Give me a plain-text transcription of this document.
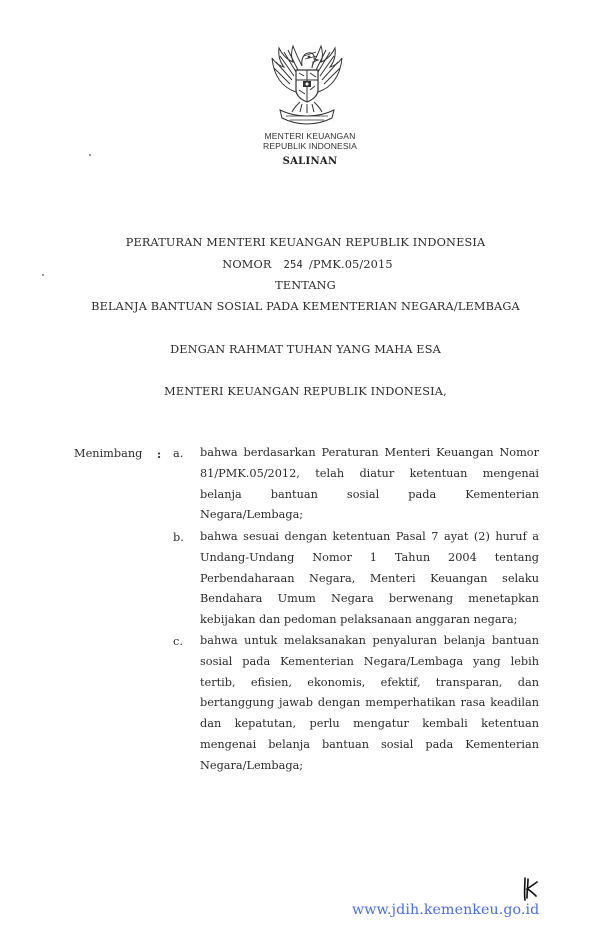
MENTERI KEUANGAN
REPUBLIK INDONESIA
SALINAN
PERATURAN MENTERI KEUANGAN REPUBLIK INDONESIA
NOMOR 254 /PMK.05/2015
TENTANG
BELANJA BANTUAN SOSIAL PADA KEMENTERIAN NEGARA/LEMBAGA
DENGAN RAHMAT TUHAN YANG MAHA ESA
MENTERI KEUANGAN REPUBLIK INDONESIA,
Menimbang : a. bahwa berdasarkan Peraturan Menteri Keuangan Nomor
81/PMK.05/2012, telah diatur ketentuan mengenai
belanja bantuan sosial pada Kementerian
Negara/Lembaga;
b. bahwa sesuai dengan ketentuan Pasal 7 ayat (2) huruf a
Undang-Undang Nomor 1 Tahun 2004 tentang
Perbendaharaan Negara, Menteri Keuangan selaku
Bendahara Umum Negara berwenang menetapkan
kebijakan dan pedoman pelaksanaan anggaran negara;
c. bahwa untuk melaksanakan penyaluran belanja bantuan
sosial pada Kementerian Negara/Lembaga yang lebih
tertib, efisien, ekonomis, efektif, transparan, dan
bertanggung jawab dengan memperhatikan rasa keadilan
dan kepatutan, perlu mengatur kembali ketentuan
mengenai belanja bantuan sosial pada Kementerian
Negara/Lembaga;
www.jdih.kemenkeu.go.id
